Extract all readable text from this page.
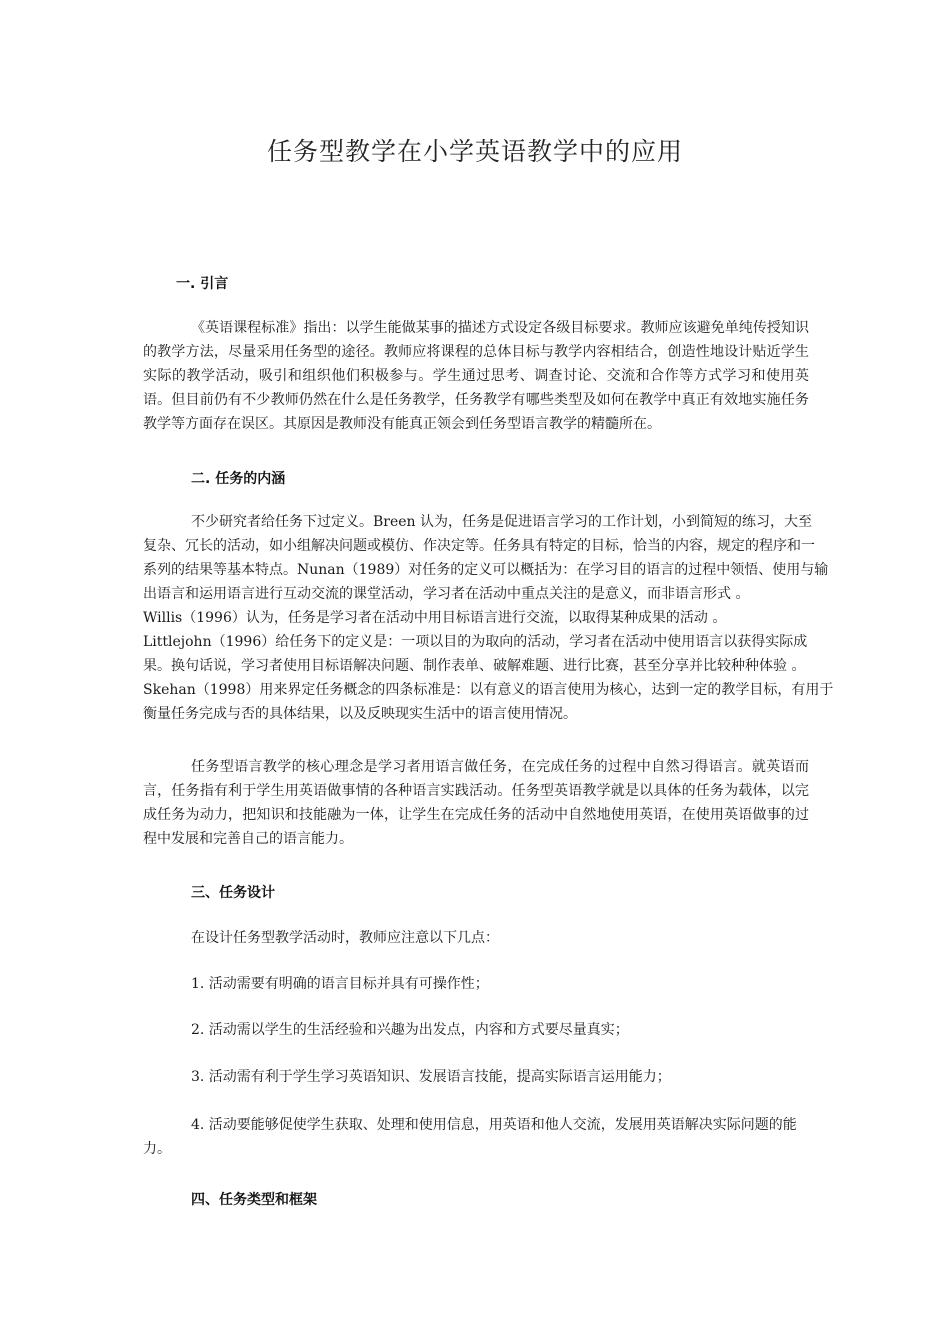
任务型教学在小学英语教学中的应用
一. 引言

《英语课程标准》指出：以学生能做某事的描述方式设定各级目标要求。教师应该避免单纯传授知识的教学方法，尽量采用任务型的途径。教师应将课程的总体目标与教学内容相结合，创造性地设计贴近学生实际的教学活动，吸引和组织他们积极参与。学生通过思考、调查讨论、交流和合作等方式学习和使用英语。但目前仍有不少教师仍然在什么是任务教学，任务教学有哪些类型及如何在教学中真正有效地实施任务教学等方面存在误区。其原因是教师没有能真正领会到任务型语言教学的精髓所在。

二. 任务的内涵

不少研究者给任务下过定义。Breen 认为，任务是促进语言学习的工作计划，小到简短的练习，大至

复杂、冗长的活动，如小组解决问题或模仿、作决定等。任务具有特定的目标，恰当的内容，规定的程序和一

系列的结果等基本特点。Nunan（1989）对任务的定义可以概括为：在学习目的语言的过程中领悟、使用与输

出语言和运用语言进行互动交流的课堂活动，学习者在活动中重点关注的是意义，而非语言形式 。

Willis（1996）认为，任务是学习者在活动中用目标语言进行交流，以取得某种成果的活动 。

Littlejohn（1996）给任务下的定义是：一项以目的为取向的活动，学习者在活动中使用语言以获得实际成

果。换句话说，学习者使用目标语解决问题、制作表单、破解难题、进行比赛，甚至分享并比较种种体验 。

Skehan（1998）用来界定任务概念的四条标准是：以有意义的语言使用为核心，达到一定的教学目标，有用于

衡量任务完成与否的具体结果，以及反映现实生活中的语言使用情况。

任务型语言教学的核心理念是学习者用语言做任务，在完成任务的过程中自然习得语言。就英语而言，任务指有利于学生用英语做事情的各种语言实践活动。任务型英语教学就是以具体的任务为载体，以完成任务为动力，把知识和技能融为一体，让学生在完成任务的活动中自然地使用英语，在使用英语做事的过程中发展和完善自己的语言能力。

三、任务设计

在设计任务型教学活动时，教师应注意以下几点：

1. 活动需要有明确的语言目标并具有可操作性；

2. 活动需以学生的生活经验和兴趣为出发点，内容和方式要尽量真实；

3. 活动需有利于学生学习英语知识、发展语言技能，提高实际语言运用能力；

4. 活动要能够促使学生获取、处理和使用信息，用英语和他人交流，发展用英语解决实际问题的能力。

四、任务类型和框架
